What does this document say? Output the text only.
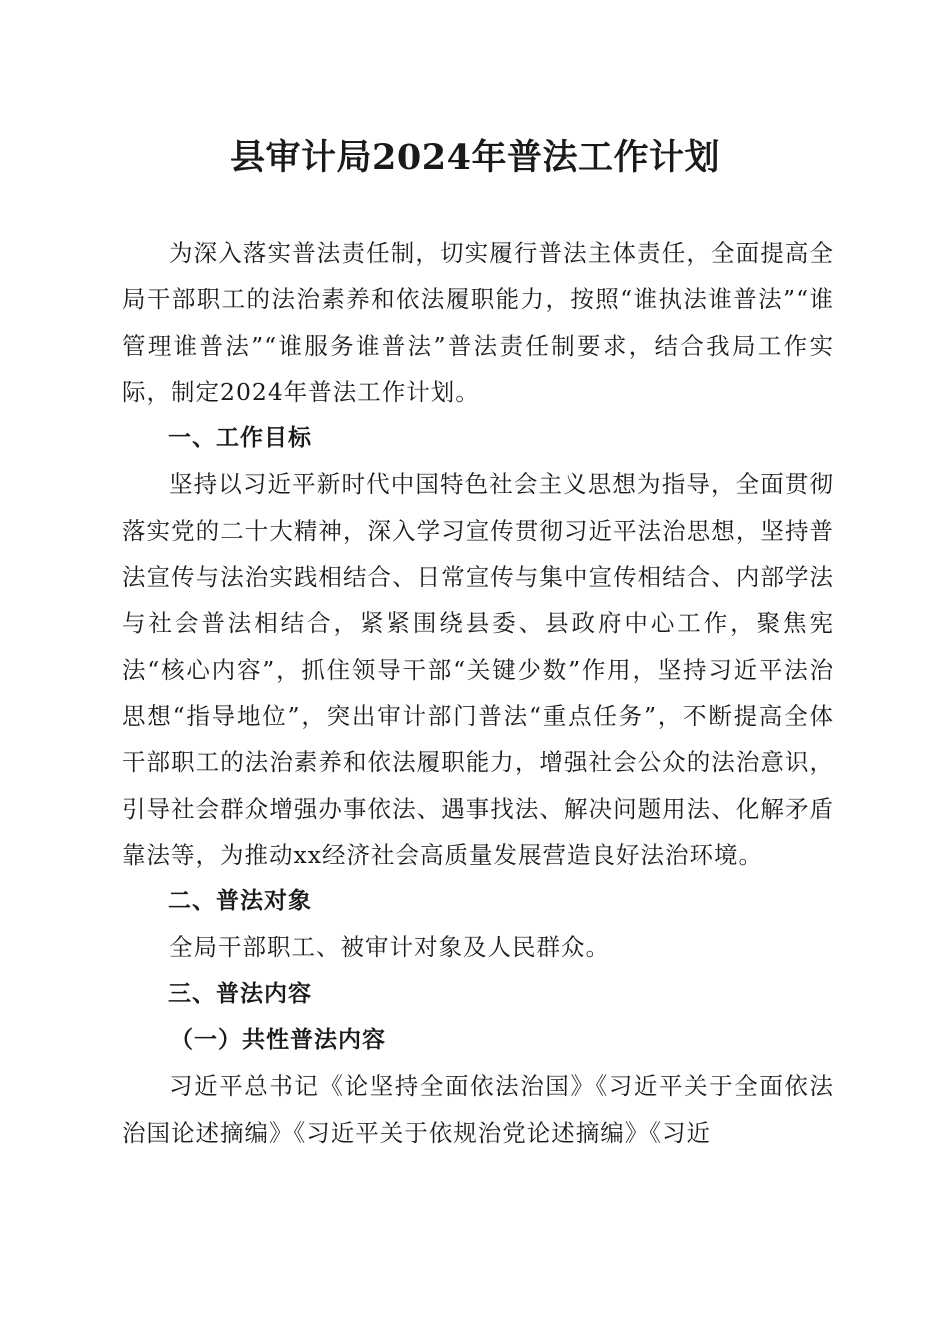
县审计局2024年普法工作计划

为深入落实普法责任制，切实履行普法主体责任，全面提高全局干部职工的法治素养和依法履职能力，按照“谁执法谁普法”“谁管理谁普法”“谁服务谁普法”普法责任制要求，结合我局工作实际，制定2024年普法工作计划。

一、工作目标

坚持以习近平新时代中国特色社会主义思想为指导，全面贯彻落实党的二十大精神，深入学习宣传贯彻习近平法治思想，坚持普法宣传与法治实践相结合、日常宣传与集中宣传相结合、内部学法与社会普法相结合，紧紧围绕县委、县政府中心工作，聚焦宪法“核心内容”，抓住领导干部“关键少数”作用，坚持习近平法治思想“指导地位”，突出审计部门普法“重点任务”，不断提高全体干部职工的法治素养和依法履职能力，增强社会公众的法治意识，引导社会群众增强办事依法、遇事找法、解决问题用法、化解矛盾靠法等，为推动xx经济社会高质量发展营造良好法治环境。

二、普法对象

全局干部职工、被审计对象及人民群众。

三、普法内容
（一）共性普法内容

习近平总书记《论坚持全面依法治国》《习近平关于全面依法治国论述摘编》《习近平关于依规治党论述摘编》《习近
